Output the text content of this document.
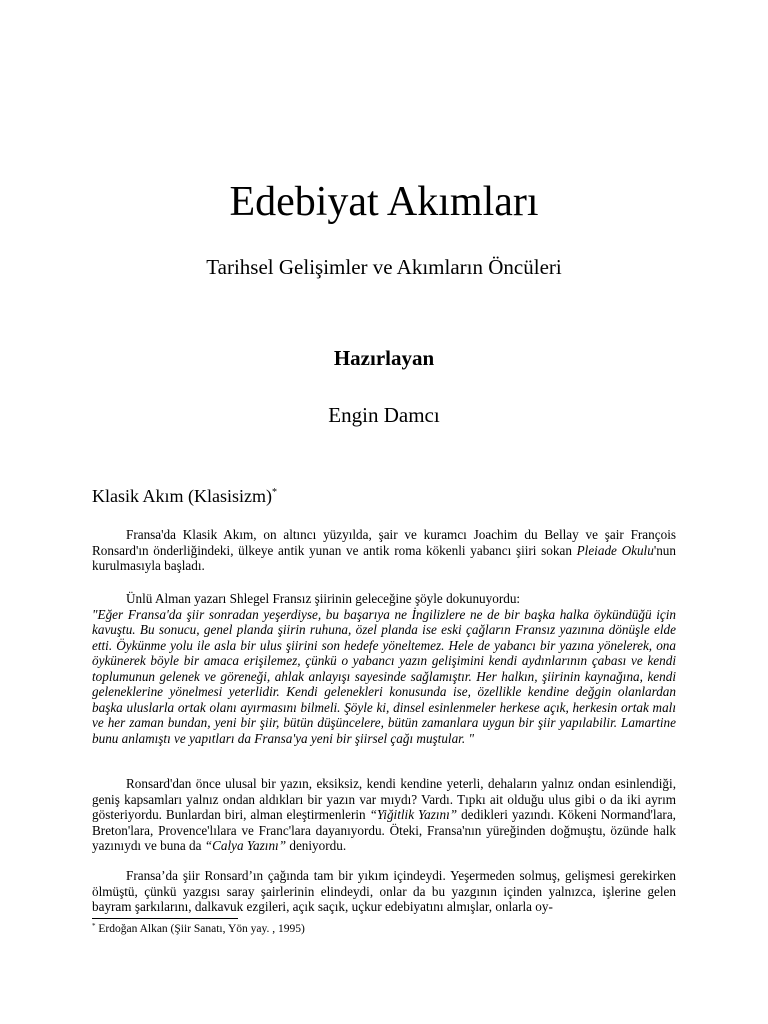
Edebiyat Akımları
Tarihsel Gelişimler ve Akımların Öncüleri
Hazırlayan
Engin Damcı
Klasik Akım (Klasisizm)*

Fransa'da Klasik Akım, on altıncı yüzyılda, şair ve kuramcı Joachim du Bellay ve şair François Ronsard'ın önderliğindeki, ülkeye antik yunan ve antik roma kökenli yabancı şiiri sokan Pleiade Okulu'nun kurulmasıyla başladı.

Ünlü Alman yazarı Shlegel Fransız şiirinin geleceğine şöyle dokunuyordu:
"Eğer Fransa'da şiir sonradan yeşerdiyse, bu başarıya ne İngilizlere ne de bir başka halka öykündüğü için kavuştu. Bu sonucu, genel planda şiirin ruhuna, özel planda ise eski çağların Fransız yazınına dönüşle elde etti. Öykünme yolu ile asla bir ulus şiirini son hedefe yöneltemez. Hele de yabancı bir yazına yönelerek, ona öykünerek böyle bir amaca erişilemez, çünkü o yabancı yazın gelişimini kendi aydınlarının çabası ve kendi toplumunun gelenek ve göreneği, ahlak anlayışı sayesinde sağlamıştır. Her halkın, şiirinin kaynağına, kendi geleneklerine yönelmesi yeterlidir. Kendi gelenekleri konusunda ise, özellikle kendine değgin olanlardan başka uluslarla ortak olanı ayırmasını bilmeli. Şöyle ki, dinsel esinlenmeler herkese açık, herkesin ortak malı ve her zaman bundan, yeni bir şiir, bütün düşüncelere, bütün zamanlara uygun bir şiir yapılabilir. Lamartine bunu anlamıştı ve yapıtları da Fransa'ya yeni bir şiirsel çağı muştular. "

Ronsard'dan önce ulusal bir yazın, eksiksiz, kendi kendine yeterli, dehaların yalnız ondan esinlendiği, geniş kapsamları yalnız ondan aldıkları bir yazın var mıydı? Vardı. Tıpkı ait olduğu ulus gibi o da iki ayrım gösteriyordu. Bunlardan biri, alman eleştirmenlerin “Yiğitlik Yazını” dedikleri yazındı. Kökeni Normand'lara, Breton'lara, Provence'lılara ve Franc'lara dayanıyordu. Öteki, Fransa'nın yüreğinden doğmuştu, özünde halk yazınıydı ve buna da “Calya Yazını” deniyordu.

Fransa’da şiir Ronsard’ın çağında tam bir yıkım içindeydi. Yeşermeden solmuş, gelişmesi gerekirken ölmüştü, çünkü yazgısı saray şairlerinin elindeydi, onlar da bu yazgının içinden yalnızca, işlerine gelen bayram şarkılarını, dalkavuk ezgileri, açık saçık, uçkur edebiyatını almışlar, onlarla oy-

* Erdoğan Alkan (Şiir Sanatı, Yön yay. , 1995)
